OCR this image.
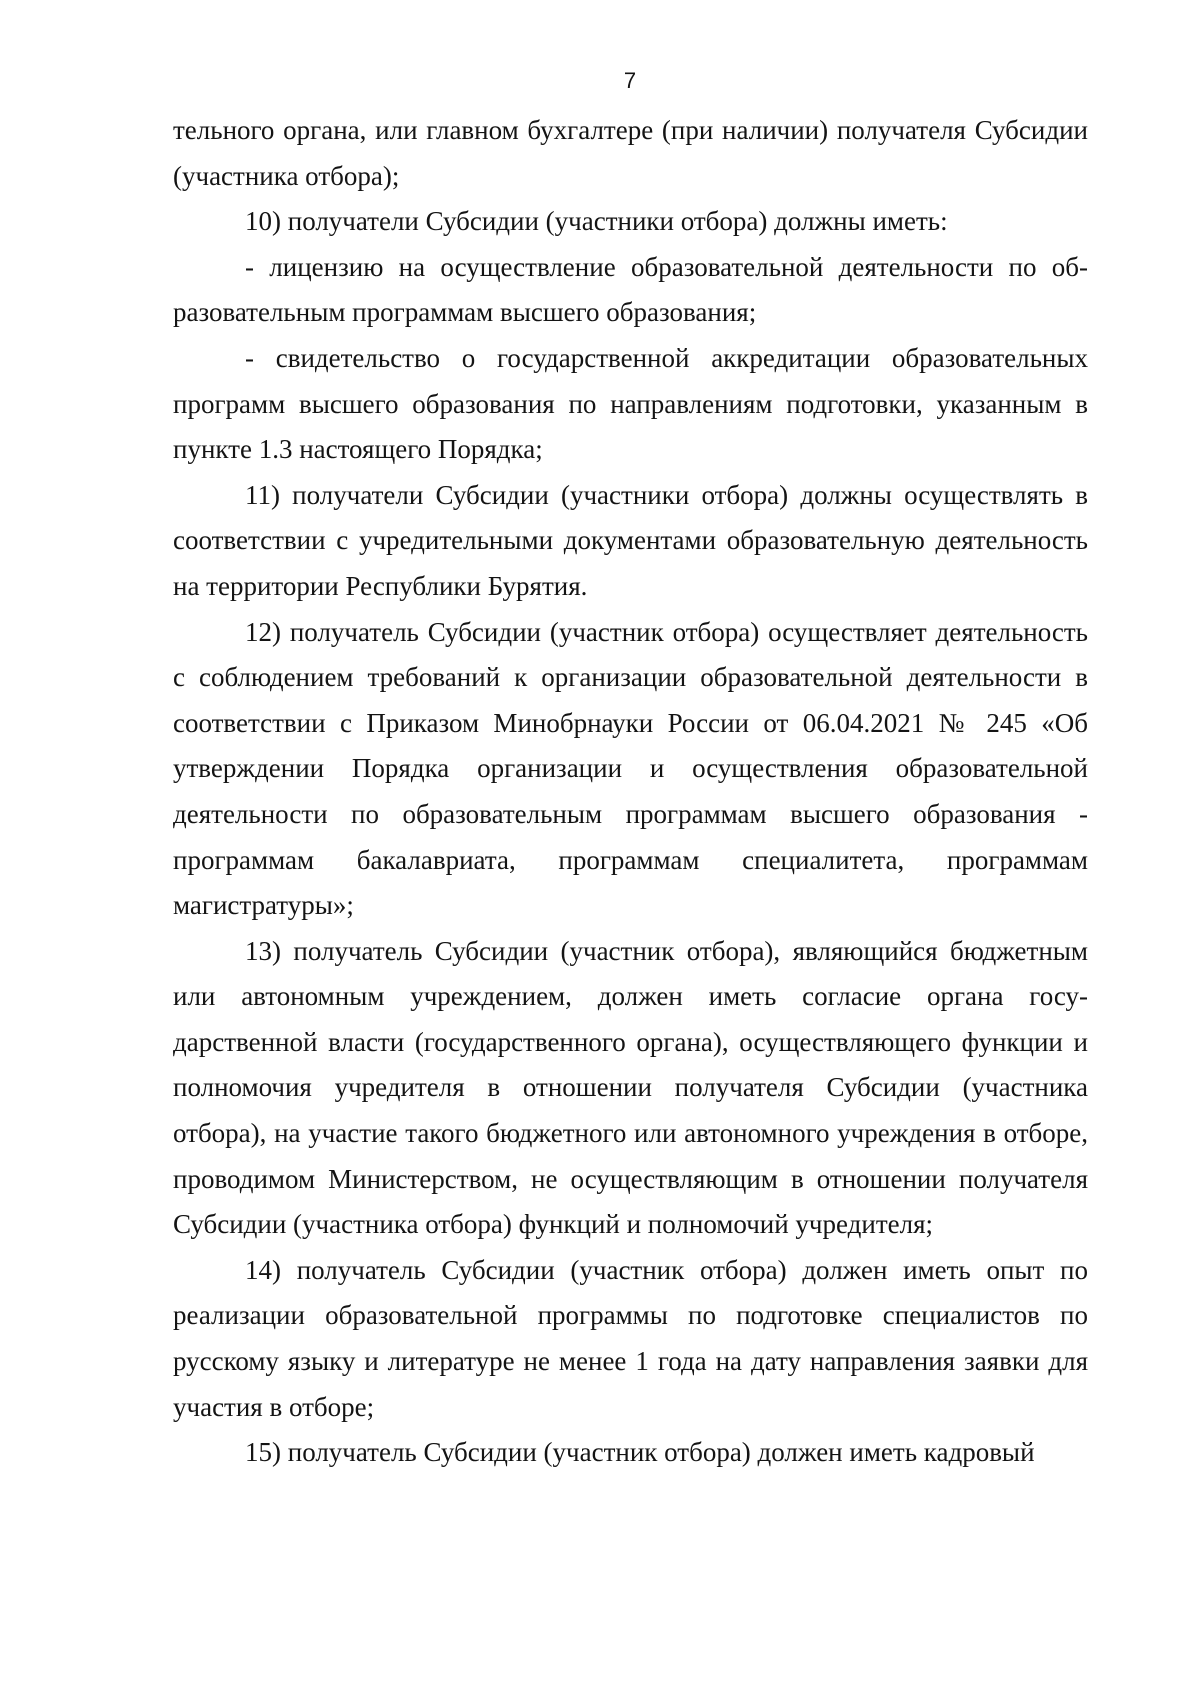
7

тельного органа, или главном бухгалтере (при наличии) получателя Субсидии (участника отбора);

10) получатели Субсидии (участники отбора) должны иметь:

- лицензию на осуществление образовательной деятельности по образовательным программам высшего образования;

- свидетельство о государственной аккредитации образовательных программ высшего образования по направлениям подготовки, указанным в пункте 1.3 настоящего Порядка;

11) получатели Субсидии (участники отбора) должны осуществлять в соответствии с учредительными документами образовательную деятельность на территории Республики Бурятия.

12) получатель Субсидии (участник отбора) осуществляет деятельность с соблюдением требований к организации образовательной деятельности в соответствии с Приказом Минобрнауки России от 06.04.2021 № 245 «Об утверждении Порядка организации и осуществления образовательной деятельности по образовательным программам высшего образования - программам бакалавриата, программам специалитета, программам магистратуры»;

13) получатель Субсидии (участник отбора), являющийся бюджетным или автономным учреждением, должен иметь согласие органа государственной власти (государственного органа), осуществляющего функции и полномочия учредителя в отношении получателя Субсидии (участника отбора), на участие такого бюджетного или автономного учреждения в отборе, проводимом Министерством, не осуществляющим в отношении получателя Субсидии (участника отбора) функций и полномочий учредителя;

14) получатель Субсидии (участник отбора) должен иметь опыт по реализации образовательной программы по подготовке специалистов по русскому языку и литературе не менее 1 года на дату направления заявки для участия в отборе;

15) получатель Субсидии (участник отбора) должен иметь кадровый
